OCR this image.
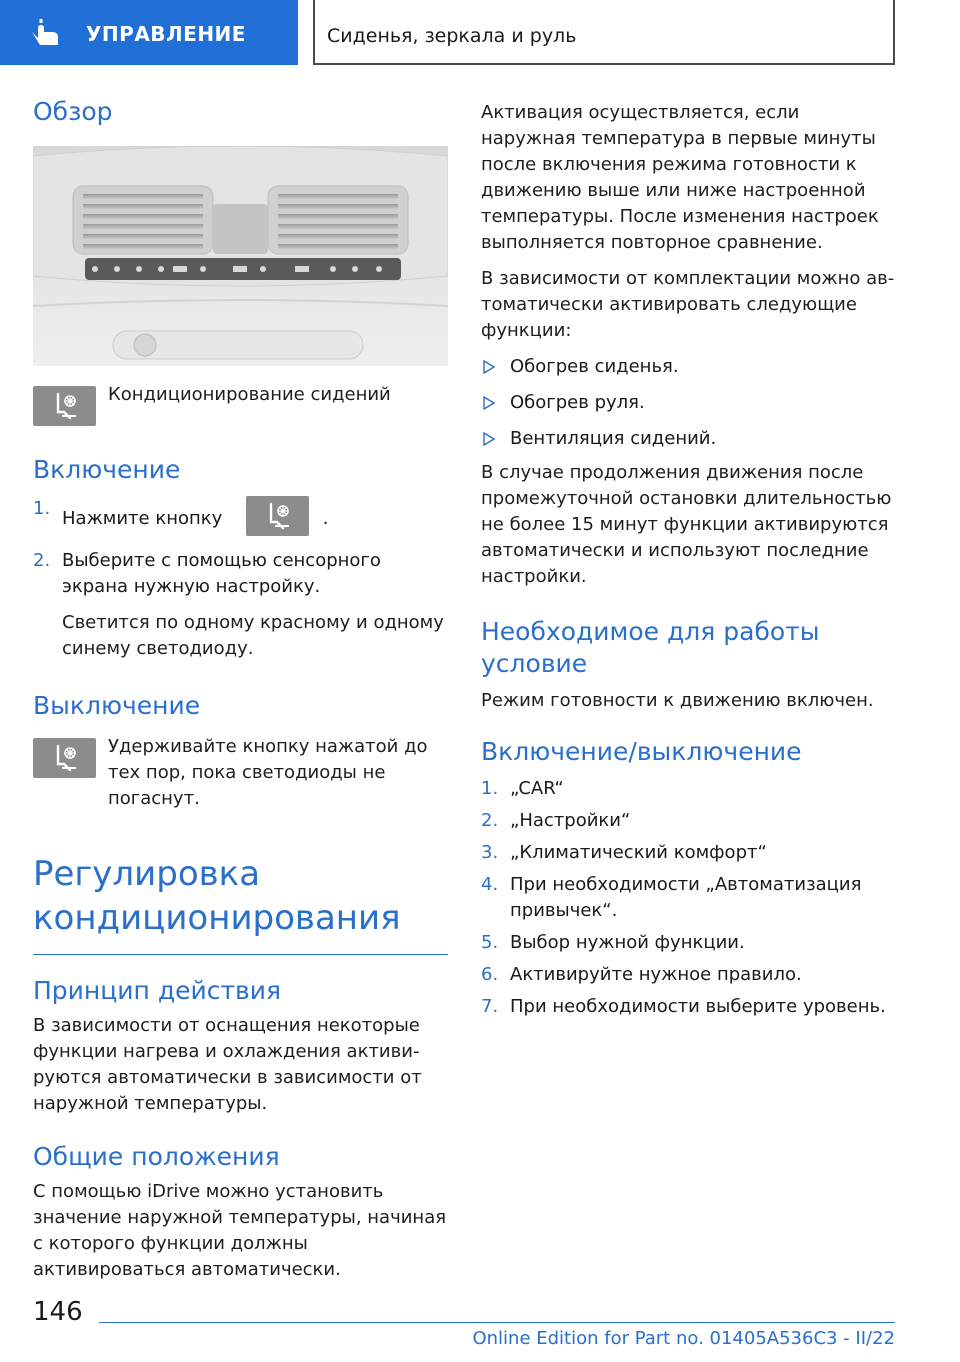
УПРАВЛЕНИЕ	Сиденья, зеркала и руль
Обзор

Кондиционирование сидений

Включение
1. Нажмите кнопку	.
2. Выберите с помощью сенсорного экрана нужную настройку.

Светится по одному красному и одному синему светодиоду.

Выключение

Удерживайте кнопку нажатой до тех пор, пока светодиоды не погаснут.

Регулировка кондиционирования
Принцип действия

В зависимости от оснащения некоторые функции нагрева и охлаждения активируются автоматически в зависимости от наружной температуры.

Общие положения

С помощью iDrive можно установить значение наружной температуры, начиная с которого функции должны активироваться автоматически.

Активация осуществляется, если наружная температура в первые минуты после включения режима готовности к движению выше или ниже настроенной температуры. После изменения настроек выполняется повторное сравнение.

В зависимости от комплектации можно автоматически активировать следующие функции:

Обогрев сиденья.
Обогрев руля.
Вентиляция сидений.

В случае продолжения движения после промежуточной остановки длительностью не более 15 минут функции активируются автоматически и используют последние настройки.

Необходимое для работы условие

Режим готовности к движению включен.

Включение/выключение
1. „CAR“
2. „Настройки“
3. „Климатический комфорт“
4. При необходимости „Автоматизация привычек“.
5. Выбор нужной функции.
6. Активируйте нужное правило.
7. При необходимости выберите уровень.
146
Online Edition for Part no. 01405A536C3 - II/22
